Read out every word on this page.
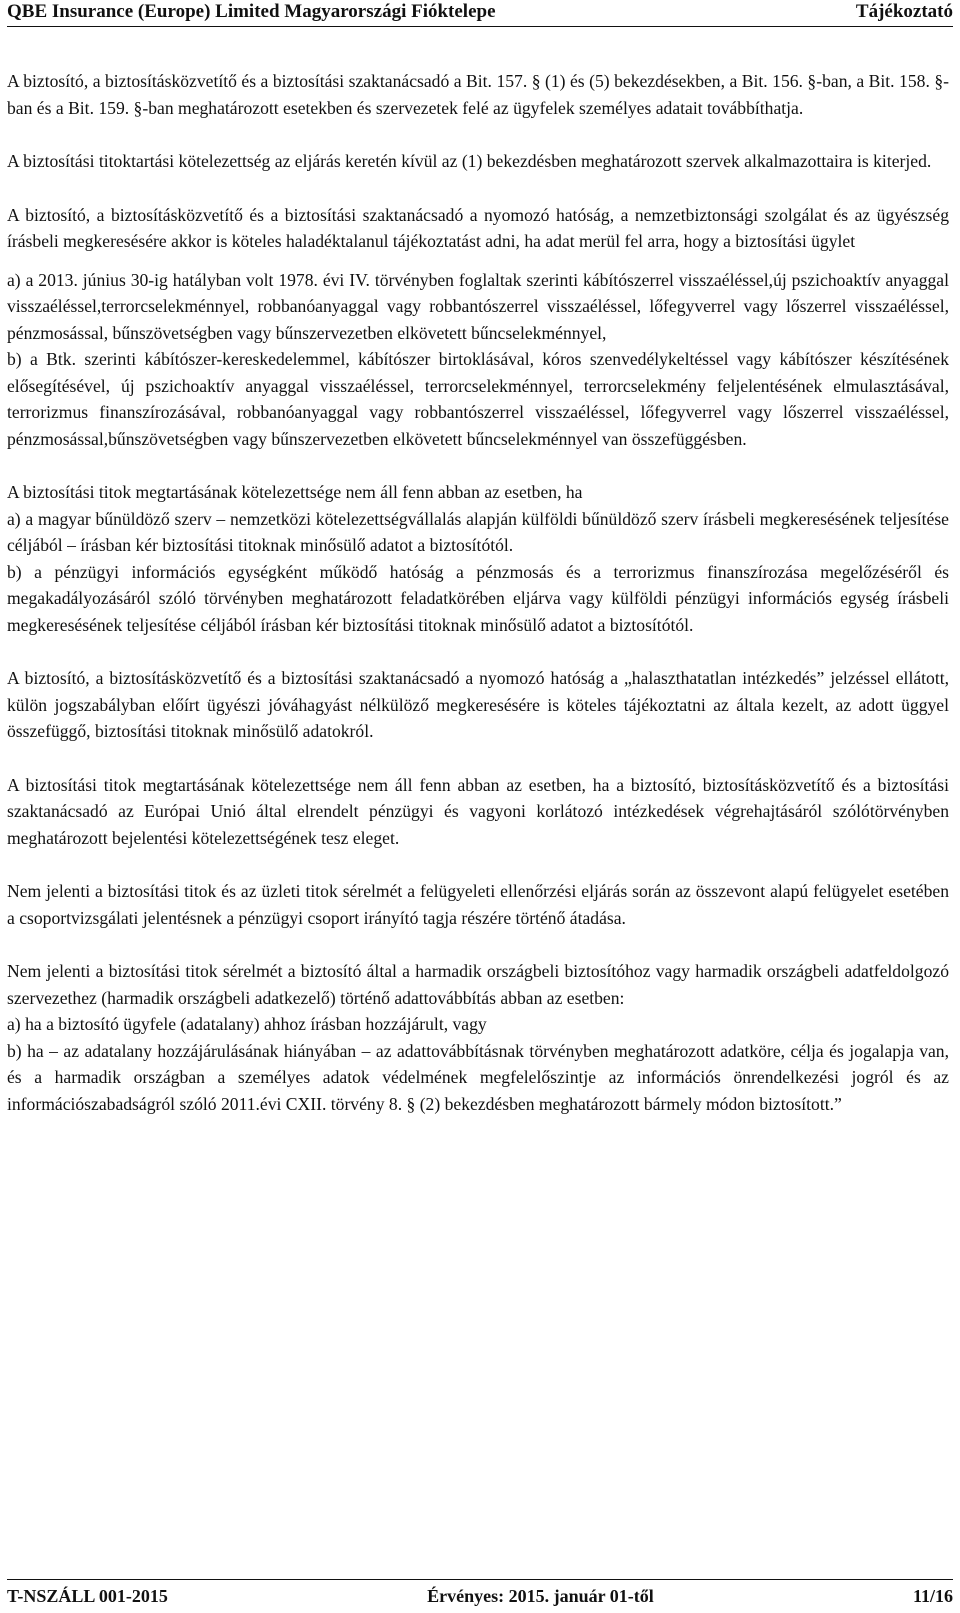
QBE Insurance (Europe) Limited Magyarországi Fióktelepe	Tájékoztató

A biztosító, a biztosításközvetítő és a biztosítási szaktanácsadó a Bit. 157. § (1) és (5) bekezdésekben, a Bit. 156. §-ban, a Bit. 158. §-ban és a Bit. 159. §-ban meghatározott esetekben és szervezetek felé az ügyfelek személyes adatait továbbíthatja.

A biztosítási titoktartási kötelezettség az eljárás keretén kívül az (1) bekezdésben meghatározott szervek alkalmazottaira is kiterjed.

A biztosító, a biztosításközvetítő és a biztosítási szaktanácsadó a nyomozó hatóság, a nemzetbiztonsági szolgálat és az ügyészség írásbeli megkeresésére akkor is köteles haladéktalanul tájékoztatást adni, ha adat merül fel arra, hogy a biztosítási ügylet

a) a 2013. június 30-ig hatályban volt 1978. évi IV. törvényben foglaltak szerinti kábítószerrel visszaéléssel,új pszichoaktív anyaggal visszaéléssel,terrorcselekménnyel, robbanóanyaggal vagy robbantószerrel visszaéléssel, lőfegyverrel vagy lőszerrel visszaéléssel, pénzmosással, bűnszövetségben vagy bűnszervezetben elkövetett bűncselekménnyel,

b) a Btk. szerinti kábítószer-kereskedelemmel, kábítószer birtoklásával, kóros szenvedélykeltéssel vagy kábítószer készítésének elősegítésével, új pszichoaktív anyaggal visszaéléssel, terrorcselekménnyel, terrorcselekmény feljelentésének elmulasztásával, terrorizmus finanszírozásával, robbanóanyaggal vagy robbantószerrel visszaéléssel, lőfegyverrel vagy lőszerrel visszaéléssel, pénzmosással,bűnszövetségben vagy bűnszervezetben elkövetett bűncselekménnyel van összefüggésben.

A biztosítási titok megtartásának kötelezettsége nem áll fenn abban az esetben, ha

a) a magyar bűnüldöző szerv – nemzetközi kötelezettségvállalás alapján külföldi bűnüldöző szerv írásbeli megkeresésének teljesítése céljából – írásban kér biztosítási titoknak minősülő adatot a biztosítótól.

b) a pénzügyi információs egységként működő hatóság a pénzmosás és a terrorizmus finanszírozása megelőzéséről és megakadályozásáról szóló törvényben meghatározott feladatkörében eljárva vagy külföldi pénzügyi információs egység írásbeli megkeresésének teljesítése céljából írásban kér biztosítási titoknak minősülő adatot a biztosítótól.

A biztosító, a biztosításközvetítő és a biztosítási szaktanácsadó a nyomozó hatóság a „halaszthatatlan intézkedés” jelzéssel ellátott, külön jogszabályban előírt ügyészi jóváhagyást nélkülöző megkeresésére is köteles tájékoztatni az általa kezelt, az adott üggyel összefüggő, biztosítási titoknak minősülő adatokról.

A biztosítási titok megtartásának kötelezettsége nem áll fenn abban az esetben, ha a biztosító, biztosításközvetítő és a biztosítási szaktanácsadó az Európai Unió által elrendelt pénzügyi és vagyoni korlátozó intézkedések végrehajtásáról szólótörvényben meghatározott bejelentési kötelezettségének tesz eleget.

Nem jelenti a biztosítási titok és az üzleti titok sérelmét a felügyeleti ellenőrzési eljárás során az összevont alapú felügyelet esetében a csoportvizsgálati jelentésnek a pénzügyi csoport irányító tagja részére történő átadása.

Nem jelenti a biztosítási titok sérelmét a biztosító által a harmadik országbeli biztosítóhoz vagy harmadik országbeli adatfeldolgozó szervezethez (harmadik országbeli adatkezelő) történő adattovábbítás abban az esetben:

a) ha a biztosító ügyfele (adatalany) ahhoz írásban hozzájárult, vagy

b) ha – az adatalany hozzájárulásának hiányában – az adattovábbításnak törvényben meghatározott adatköre, célja és jogalapja van, és a harmadik országban a személyes adatok védelmének megfelelőszintje az információs önrendelkezési jogról és az információszabadságról szóló 2011.évi CXII. törvény 8. § (2) bekezdésben meghatározott bármely módon biztosított.”

T-NSZÁLL 001-2015	Érvényes: 2015. január 01-től	11/16
